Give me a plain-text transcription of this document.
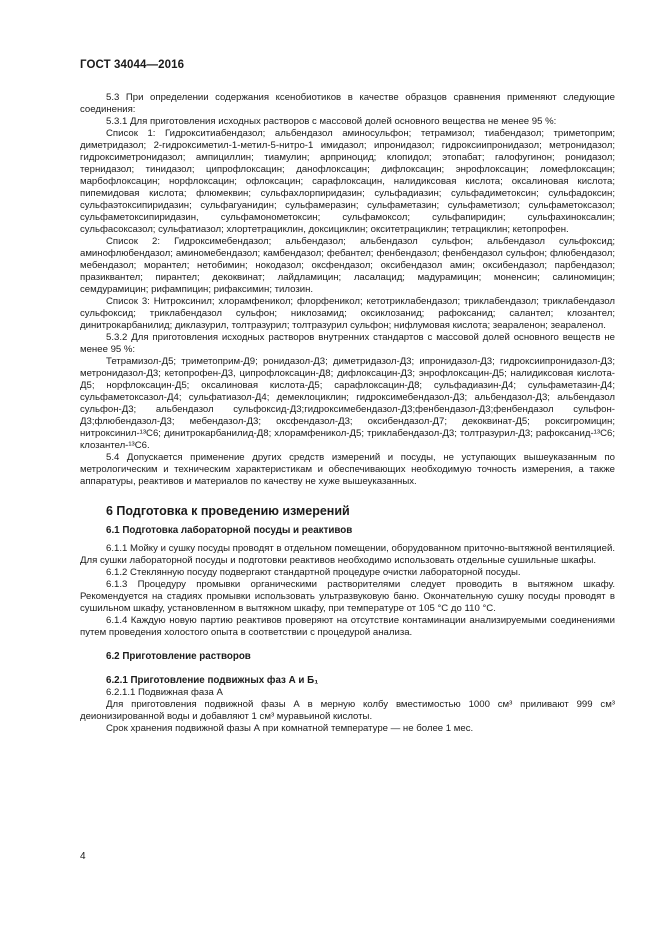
ГОСТ 34044—2016

5.3 При определении содержания ксенобиотиков в качестве образцов сравнения применяют следующие соединения:

5.3.1 Для приготовления исходных растворов с массовой долей основного вещества не менее 95 %:

Список 1: Гидрокситиабендазол; альбендазол аминосульфон; тетрамизол; тиабендазол; триметоприм; диметридазол; 2-гидроксиметил-1-метил-5-нитро-1 имидазол; ипронидазол; гидроксиипронидазол; метронидазол; гидроксиметронидазол; ампициллин; тиамулин; арприноцид; клопидол; этопабат; галофугинон; ронидазол; тернидазол; тинидазол; ципрофлоксацин; данофлоксацин; дифлоксацин; энрофлоксацин; ломефлоксацин; марбофлоксацин; норфлоксацин; офлоксацин; сарафлоксацин, налидиксовая кислота; оксалиновая кислота; пипемидовая кислота; флюмеквин; сульфахлорпиридазин; сульфадиазин; сульфадиметоксин; сульфадоксин; сульфаэтоксипиридазин; сульфагуанидин; сульфамеразин; сульфаметазин; сульфаметизол; сульфаметоксазол; сульфаметоксипиридазин, сульфамонометоксин; сульфамоксол; сульфапиридин; сульфахиноксалин; сульфасоксазол; сульфатиазол; хлортетрациклин, доксициклин; окситетрациклин; тетрациклин; кетопрофен.

Список 2: Гидроксимебендазол; альбендазол; альбендазол сульфон; альбендазол сульфоксид; аминофлюбендазол; аминомебендазол; камбендазол; фебантел; фенбендазол; фенбендазол сульфон; флюбендазол; мебендазол; морантел; нетобимин; нокодазол; оксфендазол; оксибендазол амин; оксибендазол; парбендазол; празиквантел; пирантел; декоквинат; лайдламицин; ласалацид; мадурамицин; моненсин; салиномицин; семдурамицин; рифампицин; рифаксимин; тилозин.

Список 3: Нитроксинил; хлорамфеникол; флорфеникол; кетотриклабендазол; триклабендазол; триклабендазол сульфоксид; триклабендазол сульфон; никлозамид; оксиклозанид; рафоксанид; салантел; клозантел; динитрокарбанилид; диклазурил, толтразурил; толтразурил сульфон; нифлумовая кислота; зеараленон; зеараленол.

5.3.2 Для приготовления исходных растворов внутренних стандартов с массовой долей основного веществ не менее 95 %:

Тетрамизол-Д5; триметоприм-Д9; ронидазол-Д3; диметридазол-Д3; ипронидазол-Д3; гидроксиипронидазол-Д3; метронидазол-Д3; кетопрофен-Д3, ципрофлоксацин-Д8; дифлоксацин-Д3; энрофлоксацин-Д5; налидиксовая кислота-Д5; норфлоксацин-Д5; оксалиновая кислота-Д5; сарафлоксацин-Д8; сульфадиазин-Д4; сульфаметазин-Д4; сульфаметоксазол-Д4; сульфатиазол-Д4; демеклоциклин; гидроксимебендазол-Д3; альбендазол-Д3; альбендазол сульфон-Д3; альбендазол сульфоксид-Д3;гидроксимебендазол-Д3;фенбендазол-Д3;фенбендазол сульфон-Д3;флюбендазол-Д3; мебендазол-Д3; оксфендазол-Д3; оксибендазол-Д7; декоквинат-Д5; роксигромицин; нитроксинил-¹³С6; динитрокарбанилид-Д8; хлорамфеникол-Д5; триклабендазол-Д3; толтразурил-Д3; рафоксанид-¹³С6; клозантел-¹³С6.

5.4 Допускается применение других средств измерений и посуды, не уступающих вышеуказанным по метрологическим и техническим характеристикам и обеспечивающих необходимую точность измерения, а также аппаратуры, реактивов и материалов по качеству не хуже вышеуказанных.

6 Подготовка к проведению измерений
6.1 Подготовка лабораторной посуды и реактивов

6.1.1 Мойку и сушку посуды проводят в отдельном помещении, оборудованном приточно-вытяжной вентиляцией. Для сушки лабораторной посуды и подготовки реактивов необходимо использовать отдельные сушильные шкафы.

6.1.2 Стеклянную посуду подвергают стандартной процедуре очистки лабораторной посуды.

6.1.3 Процедуру промывки органическими растворителями следует проводить в вытяжном шкафу. Рекомендуется на стадиях промывки использовать ультразвуковую баню. Окончательную сушку посуды проводят в сушильном шкафу, установленном в вытяжном шкафу, при температуре от 105 °С до 110 °С.

6.1.4 Каждую новую партию реактивов проверяют на отсутствие контаминации анализируемыми соединениями путем проведения холостого опыта в соответствии с процедурой анализа.

6.2 Приготовление растворов
6.2.1 Приготовление подвижных фаз А и Б₁

6.2.1.1 Подвижная фаза А

Для приготовления подвижной фазы А в мерную колбу вместимостью 1000 см³ приливают 999 см³ деионизированной воды и добавляют 1 см³ муравьиной кислоты.

Срок хранения подвижной фазы А при комнатной температуре — не более 1 мес.

4
